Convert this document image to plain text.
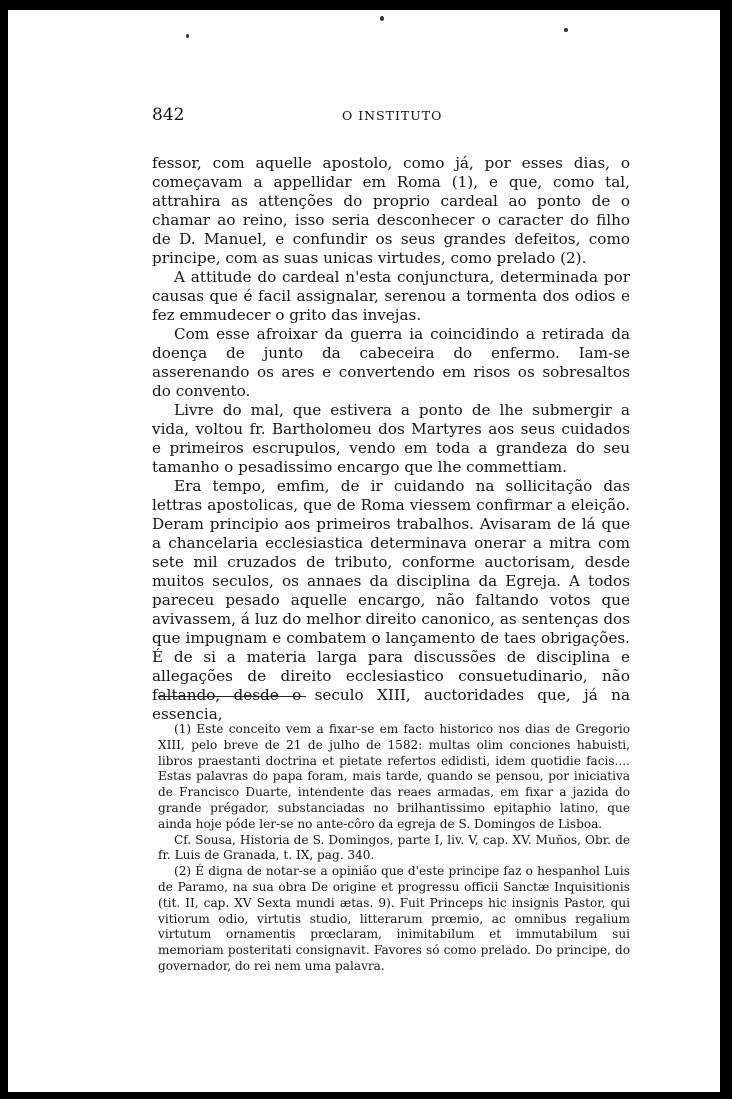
842	O INSTITUTO

fessor, com aquelle apostolo, como já, por esses dias, o começavam a appellidar em Roma (1), e que, como tal, attrahira as attenções do proprio cardeal ao ponto de o chamar ao reino, isso seria desconhecer o caracter do filho de D. Manuel, e confundir os seus grandes defeitos, como principe, com as suas unicas virtudes, como prelado (2).

A attitude do cardeal n'esta conjunctura, determinada por causas que é facil assignalar, serenou a tormenta dos odios e fez emmudecer o grito das invejas.

Com esse afroixar da guerra ia coincidindo a retirada da doença de junto da cabeceira do enfermo. Iam-se asserenando os ares e convertendo em risos os sobresaltos do convento.

Livre do mal, que estivera a ponto de lhe submergir a vida, voltou fr. Bartholomeu dos Martyres aos seus cuidados e primeiros escrupulos, vendo em toda a grandeza do seu tamanho o pesadissimo encargo que lhe commettiam.

Era tempo, emfim, de ir cuidando na sollicitação das lettras apostolicas, que de Roma viessem confirmar a eleição. Deram principio aos primeiros trabalhos. Avisaram de lá que a chancelaria ecclesiastica determinava onerar a mitra com sete mil cruzados de tributo, conforme auctorisam, desde muitos seculos, os annaes da disciplina da Egreja. A todos pareceu pesado aquelle encargo, não faltando votos que avivassem, á luz do melhor direito canonico, as sentenças dos que impugnam e combatem o lançamento de taes obrigações. É de si a materia larga para discussões de disciplina e allegações de direito ecclesiastico consuetudinario, não faltando, desde o seculo XIII, auctoridades que, já na essencia,

(1) Este conceito vem a fixar-se em facto historico nos dias de Gregorio XIII, pelo breve de 21 de julho de 1582: multas olim conciones habuisti, libros praestanti doctrina et pietate refertos edidisti, idem quotidie facis.... Estas palavras do papa foram, mais tarde, quando se pensou, por iniciativa de Francisco Duarte, intendente das reaes armadas, em fixar a jazida do grande prégador, substanciadas no brilhantissimo epitaphio latino, que ainda hoje póde ler-se no ante-côro da egreja de S. Domingos de Lisboa.

Cf. Sousa, Historia de S. Domingos, parte I, liv. V, cap. XV. Muños, Obr. de fr. Luis de Granada, t. IX, pag. 340.

(2) É digna de notar-se a opinião que d'este principe faz o hespanhol Luis de Paramo, na sua obra De origine et progressu officii Sanctæ Inquisitionis (tit. II, cap. XV Sexta mundi ætas. 9). Fuit Princeps hic insignis Pastor, qui vitiorum odio, virtutis studio, litterarum prœmio, ac omnibus regalium virtutum ornamentis prœclaram, inimitabilum et immutabilum sui memoriam posteritati consignavit. Favores só como prelado. Do principe, do governador, do rei nem uma palavra.
